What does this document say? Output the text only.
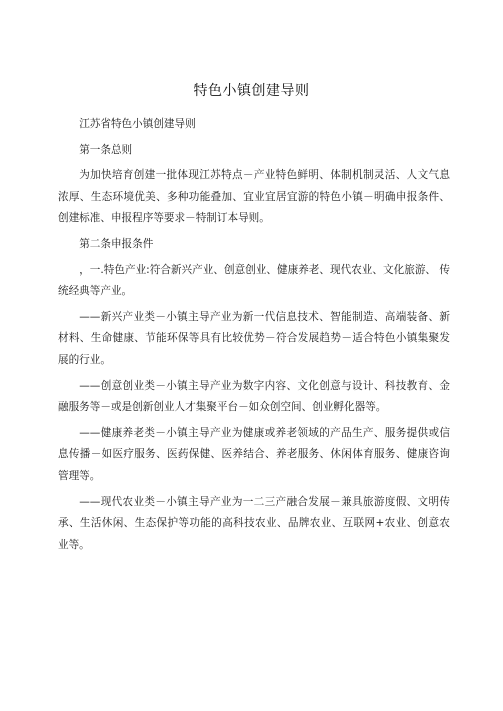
特色小镇创建导则

江苏省特色小镇创建导则

第一条总则

为加快培育创建一批体现江苏特点－产业特色鲜明、体制机制灵活、人文气息 浓厚、生态环境优美、多种功能叠加、宜业宜居宜游的特色小镇－明确申报条件、 创建标准、申报程序等要求－特制订本导则。

第二条申报条件

，一.特色产业:符合新兴产业、创意创业、健康养老、现代农业、文化旅游、 传统经典等产业。

——新兴产业类－小镇主导产业为新一代信息技术、智能制造、高端装备、新 材料、生命健康、节能环保等具有比较优势－符合发展趋势－适合特色小镇集聚发 展的行业。

——创意创业类－小镇主导产业为数字内容、文化创意与设计、科技教育、金 融服务等－或是创新创业人才集聚平台－如众创空间、创业孵化器等。

——健康养老类－小镇主导产业为健康或养老领域的产品生产、服务提供或信 息传播－如医疗服务、医药保健、医养结合、养老服务、休闲体育服务、健康咨询 管理等。

——现代农业类－小镇主导产业为一二三产融合发展－兼具旅游度假、文明传 承、生活休闲、生态保护等功能的高科技农业、品牌农业、互联网+农业、创意农 业等。
